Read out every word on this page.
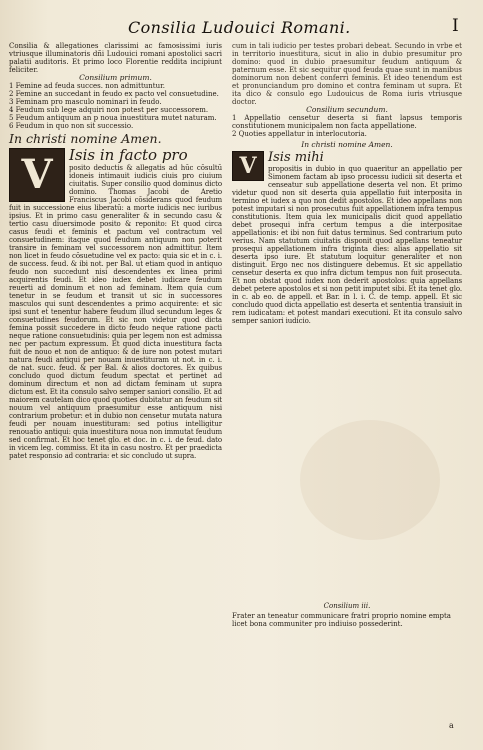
Consilia Ludouici Romani.	I

Consilia & allegationes clarissimi ac famosissimi iuris vtriusque illuminatoris dñi Ludouici romani apostolici sacri palatii auditoris. Et primo loco Florentie reddita incipiunt feliciter.

Consilium primum.

1 Femine ad feuda succes. non admittuntur.

2 Femine an succedant in feudo ex pacto vel consuetudine.

3 Feminam pro masculo nominari in feudo.

4 Feudum sub lege adquiri non potest per successorem.

5 Feudum antiquum an p noua inuestitura mutet naturam.

6 Feudum in quo non sit successio.

In christi nomine Amen.
V	Isis in facto pro

posito deductis & allegatis ad hūc cōsultū idoneis intimauit iudicis ciuis pro ciuium ciuitatis. Super consilio quod dominus dicto domino. Thomas Jacobi de Aretio Franciscus Jacobi cōsiderans quod feudum fuit in successione eius liberatū: a morte iudicis nec iuribus ipsius. Et in primo casu generaliter & in secundo casu & tertio casu diuersimode posito & reponito: Et quod circa casus feudi et feminis et pactum vel contractum vel consuetudinem: itaque quod feudum antiquum non poterit transire in feminam vel successorem non admittitur. Item non licet in feudo cōsuetudine vel ex pacto: quia sic et in c. i. de success. feud. & ibi not. per Bal. ut etiam quod in antiquo feudo non succedunt nisi descendentes ex linea primi acquirentis feudi. Et ideo iudex debet iudicare feudum reuerti ad dominum et non ad feminam. Item quia cum tenetur in se feudum et transit ut sic in successores masculos qui sunt descendentes a primo acquirente: et sic ipsi sunt et tenentur habere feudum illud secundum leges & consuetudines feudorum. Et sic non videtur quod dicta femina possit succedere in dicto feudo neque ratione pacti neque ratione consuetudinis: quia per legem non est admissa nec per pactum expressum. Et quod dicta inuestitura facta fuit de nouo et non de antiquo: & de iure non potest mutari natura feudi antiqui per nouam inuestituram ut not. in c. i. de nat. succ. feud. & per Bal. & alios doctores. Ex quibus concludo quod dictum feudum spectat et pertinet ad dominum directum et non ad dictam feminam ut supra dictum est. Et ita consulo salvo semper saniori consilio. Et ad maiorem cautelam dico quod quoties dubitatur an feudum sit nouum vel antiquum praesumitur esse antiquum nisi contrarium probetur: et in dubio non censetur mutata natura feudi per nouam inuestituram: sed potius intelligitur renouatio antiqui: quia inuestitura noua non immutat feudum sed confirmat. Et hoc tenet glo. et doc. in c. i. de feud. dato in vicem leg. commiss. Et ita in casu nostro. Et per praedicta patet responsio ad contraria: et sic concludo ut supra.

cum in tali iudicio per testes probari debeat. Secundo in vrbe et in territorio inuestitura, sicut in alio in dubio presumitur pro domino: quod in dubio praesumitur feudum antiquum & paternum esse. Et sic sequitur quod feuda quae sunt in manibus dominorum non debent conferri feminis. Et ideo tenendum est et pronunciandum pro domino et contra feminam ut supra. Et ita dico & consulo ego Ludouicus de Roma iuris vtriusque doctor.

Consilium secundum.

1 Appellatio censetur deserta si fiant lapsus temporis constitutionem municipalem non facta appellatione.

2 Quoties appellatur in interlocutoria.

In christi nomine Amen.
V Isis mihi

propositis in dubio in quo quaeritur an appellatio per Simonem factam ab ipso processu iudicii sit deserta et censeatur sub appellatione deserta vel non. Et primo videtur quod non sit deserta quia appellatio fuit interposita in termino et iudex a quo non dedit apostolos. Et ideo appellans non potest imputari si non prosecutus fuit appellationem infra tempus constitutionis. Item quia lex municipalis dicit quod appellatio debet prosequi infra certum tempus a die interpositae appellationis: et ibi non fuit datus terminus. Sed contrarium puto verius. Nam statutum ciuitatis disponit quod appellans teneatur prosequi appellationem infra triginta dies: alias appellatio sit deserta ipso iure. Et statutum loquitur generaliter et non distinguit. Ergo nec nos distinguere debemus. Et sic appellatio censetur deserta ex quo infra dictum tempus non fuit prosecuta. Et non obstat quod iudex non dederit apostolos: quia appellans debet petere apostolos et si non petit imputet sibi. Et ita tenet glo. in c. ab eo. de appell. et Bar. in l. i. C. de temp. appell. Et sic concludo quod dicta appellatio est deserta et sententia transiuit in rem iudicatam: et potest mandari executioni. Et ita consulo salvo semper saniori iudicio.

Consilium iii.

Frater an teneatur communicare fratri proprio nomine empta licet bona communiter pro indiuiso possederint.

a
